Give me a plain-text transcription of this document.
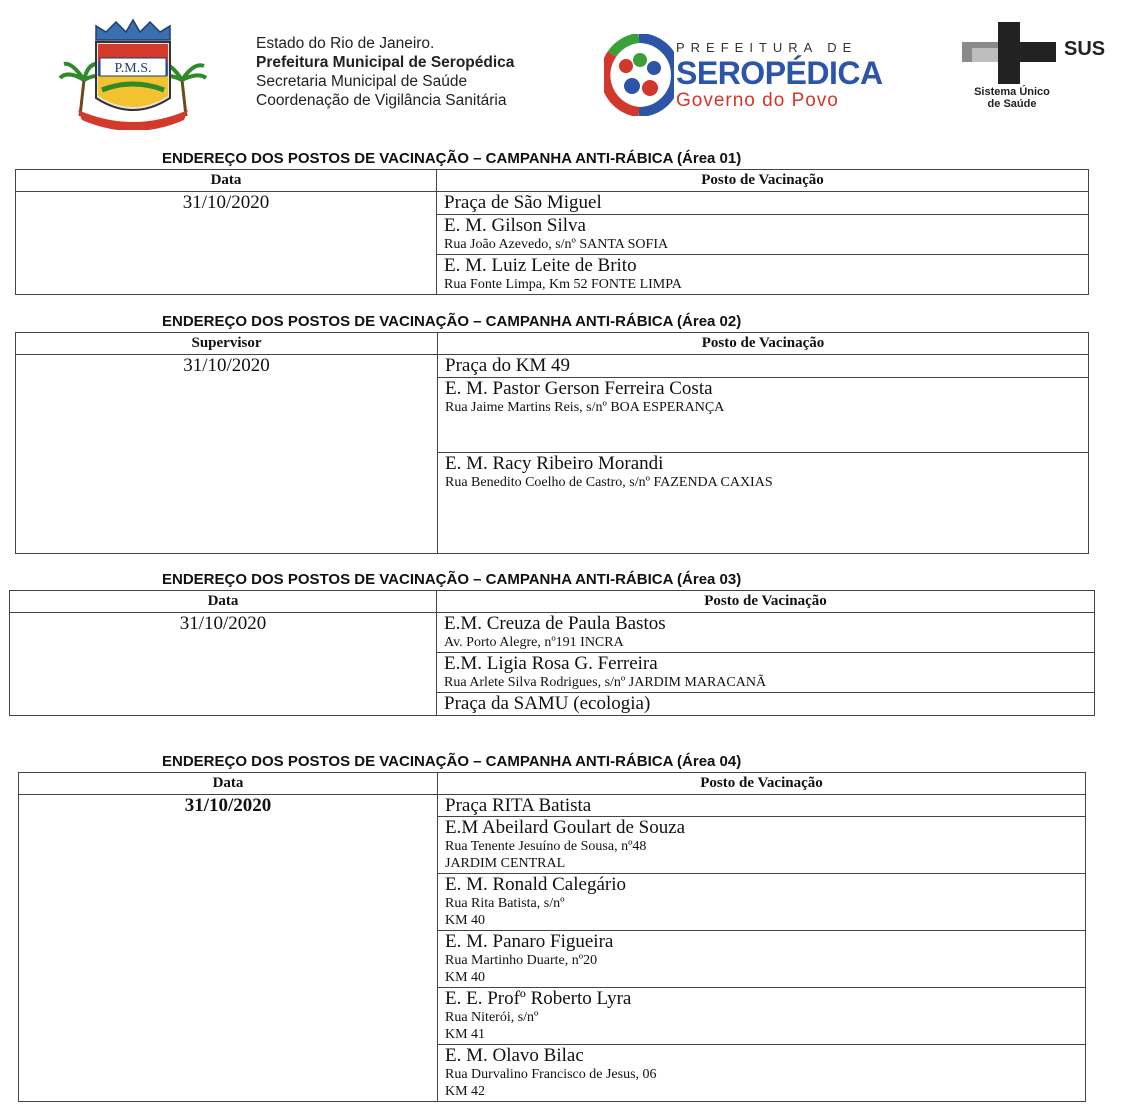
P.M.S.
Estado do Rio de Janeiro.
Prefeitura Municipal de Seropédica
Secretaria Municipal de Saúde
Coordenação de Vigilância Sanitária
PREFEITURA DE
SEROPÉDICA
Governo do Povo
SUS
Sistema Único
de Saúde
ENDEREÇO DOS POSTOS DE VACINAÇÃO – CAMPANHA ANTI-RÁBICA (Área 01)
Data	Posto de Vacinação
31/10/2020	Praça de São Miguel

	E. M. Gilson Silva
Rua João Azevedo, s/nº SANTA SOFIA

	E. M. Luiz Leite de Brito
Rua Fonte Limpa, Km 52 FONTE LIMPA
ENDEREÇO DOS POSTOS DE VACINAÇÃO – CAMPANHA ANTI-RÁBICA (Área 02)
Supervisor	Posto de Vacinação
31/10/2020	Praça do KM 49

	E. M. Pastor Gerson Ferreira Costa
Rua Jaime Martins Reis, s/nº BOA ESPERANÇA

	E. M. Racy Ribeiro Morandi
Rua Benedito Coelho de Castro, s/nº FAZENDA CAXIAS
ENDEREÇO DOS POSTOS DE VACINAÇÃO – CAMPANHA ANTI-RÁBICA (Área 03)
Data	Posto de Vacinação
31/10/2020	E.M. Creuza de Paula Bastos
Av. Porto Alegre, nº191 INCRA

	E.M. Ligia Rosa G. Ferreira
Rua Arlete Silva Rodrigues, s/nº JARDIM MARACANÃ

	Praça da SAMU (ecologia)
ENDEREÇO DOS POSTOS DE VACINAÇÃO – CAMPANHA ANTI-RÁBICA (Área 04)
Data	Posto de Vacinação
31/10/2020	Praça RITA Batista

	E.M Abeilard Goulart de Souza
Rua Tenente Jesuíno de Sousa, nº48
JARDIM CENTRAL

	E. M. Ronald Calegário
Rua Rita Batista, s/nº
KM 40

	E. M. Panaro Figueira
Rua Martinho Duarte, nº20
KM 40

	E. E. Profº Roberto Lyra
Rua Niterói, s/nº
KM 41

	E. M. Olavo Bilac
Rua Durvalino Francisco de Jesus, 06
KM 42
